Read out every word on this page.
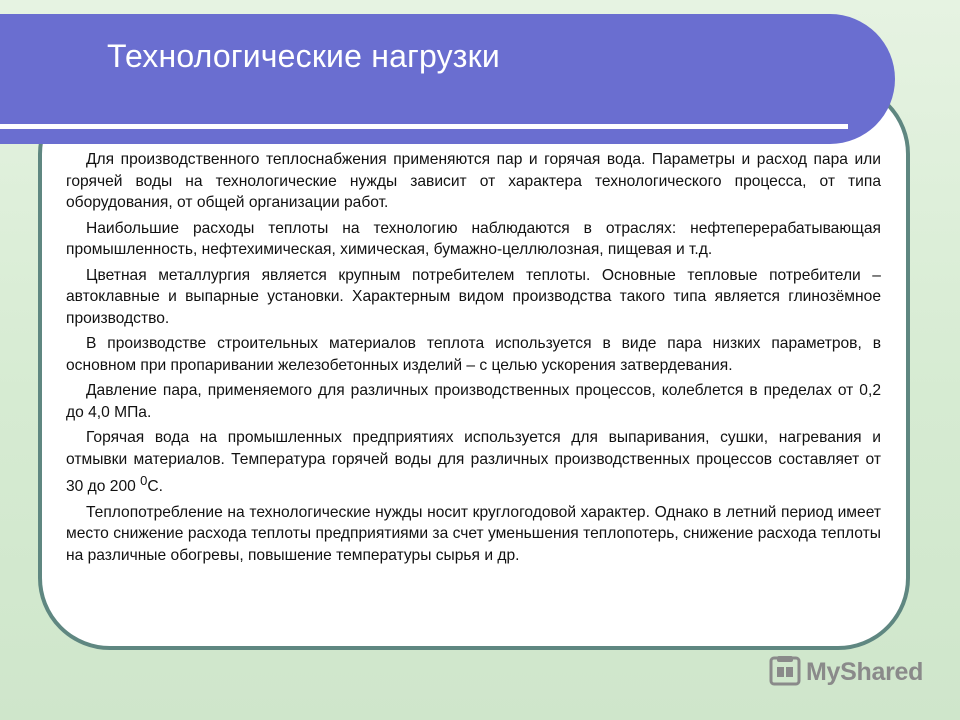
Технологические нагрузки

Для производственного теплоснабжения применяются пар и горячая вода. Параметры и расход пара или горячей воды на технологические нужды зависит от характера технологического процесса, от типа оборудования, от общей организации работ.

Наибольшие расходы теплоты на технологию наблюдаются в отраслях: нефтеперерабатывающая промышленность, нефтехимическая, химическая, бумажно-целлюлозная, пищевая и т.д.

Цветная металлургия является крупным потребителем теплоты. Основные тепловые потребители – автоклавные и выпарные установки. Характерным видом производства такого типа является глинозёмное производство.

В производстве строительных материалов теплота используется в виде пара низких параметров, в основном при пропаривании железобетонных изделий – с целью ускорения затвердевания.

Давление пара, применяемого для различных производственных процессов, колеблется в пределах от 0,2 до 4,0 МПа.

Горячая вода на промышленных предприятиях используется для выпаривания, сушки, нагревания и отмывки материалов. Температура горячей воды для различных производственных процессов составляет от 30 до 200 $^0$С.

Теплопотребление на технологические нужды носит круглогодовой характер. Однако в летний период имеет место снижение расхода теплоты предприятиями за счет уменьшения теплопотерь, снижение расхода теплоты на различные обогревы, повышение температуры сырья и др.

MyShared
